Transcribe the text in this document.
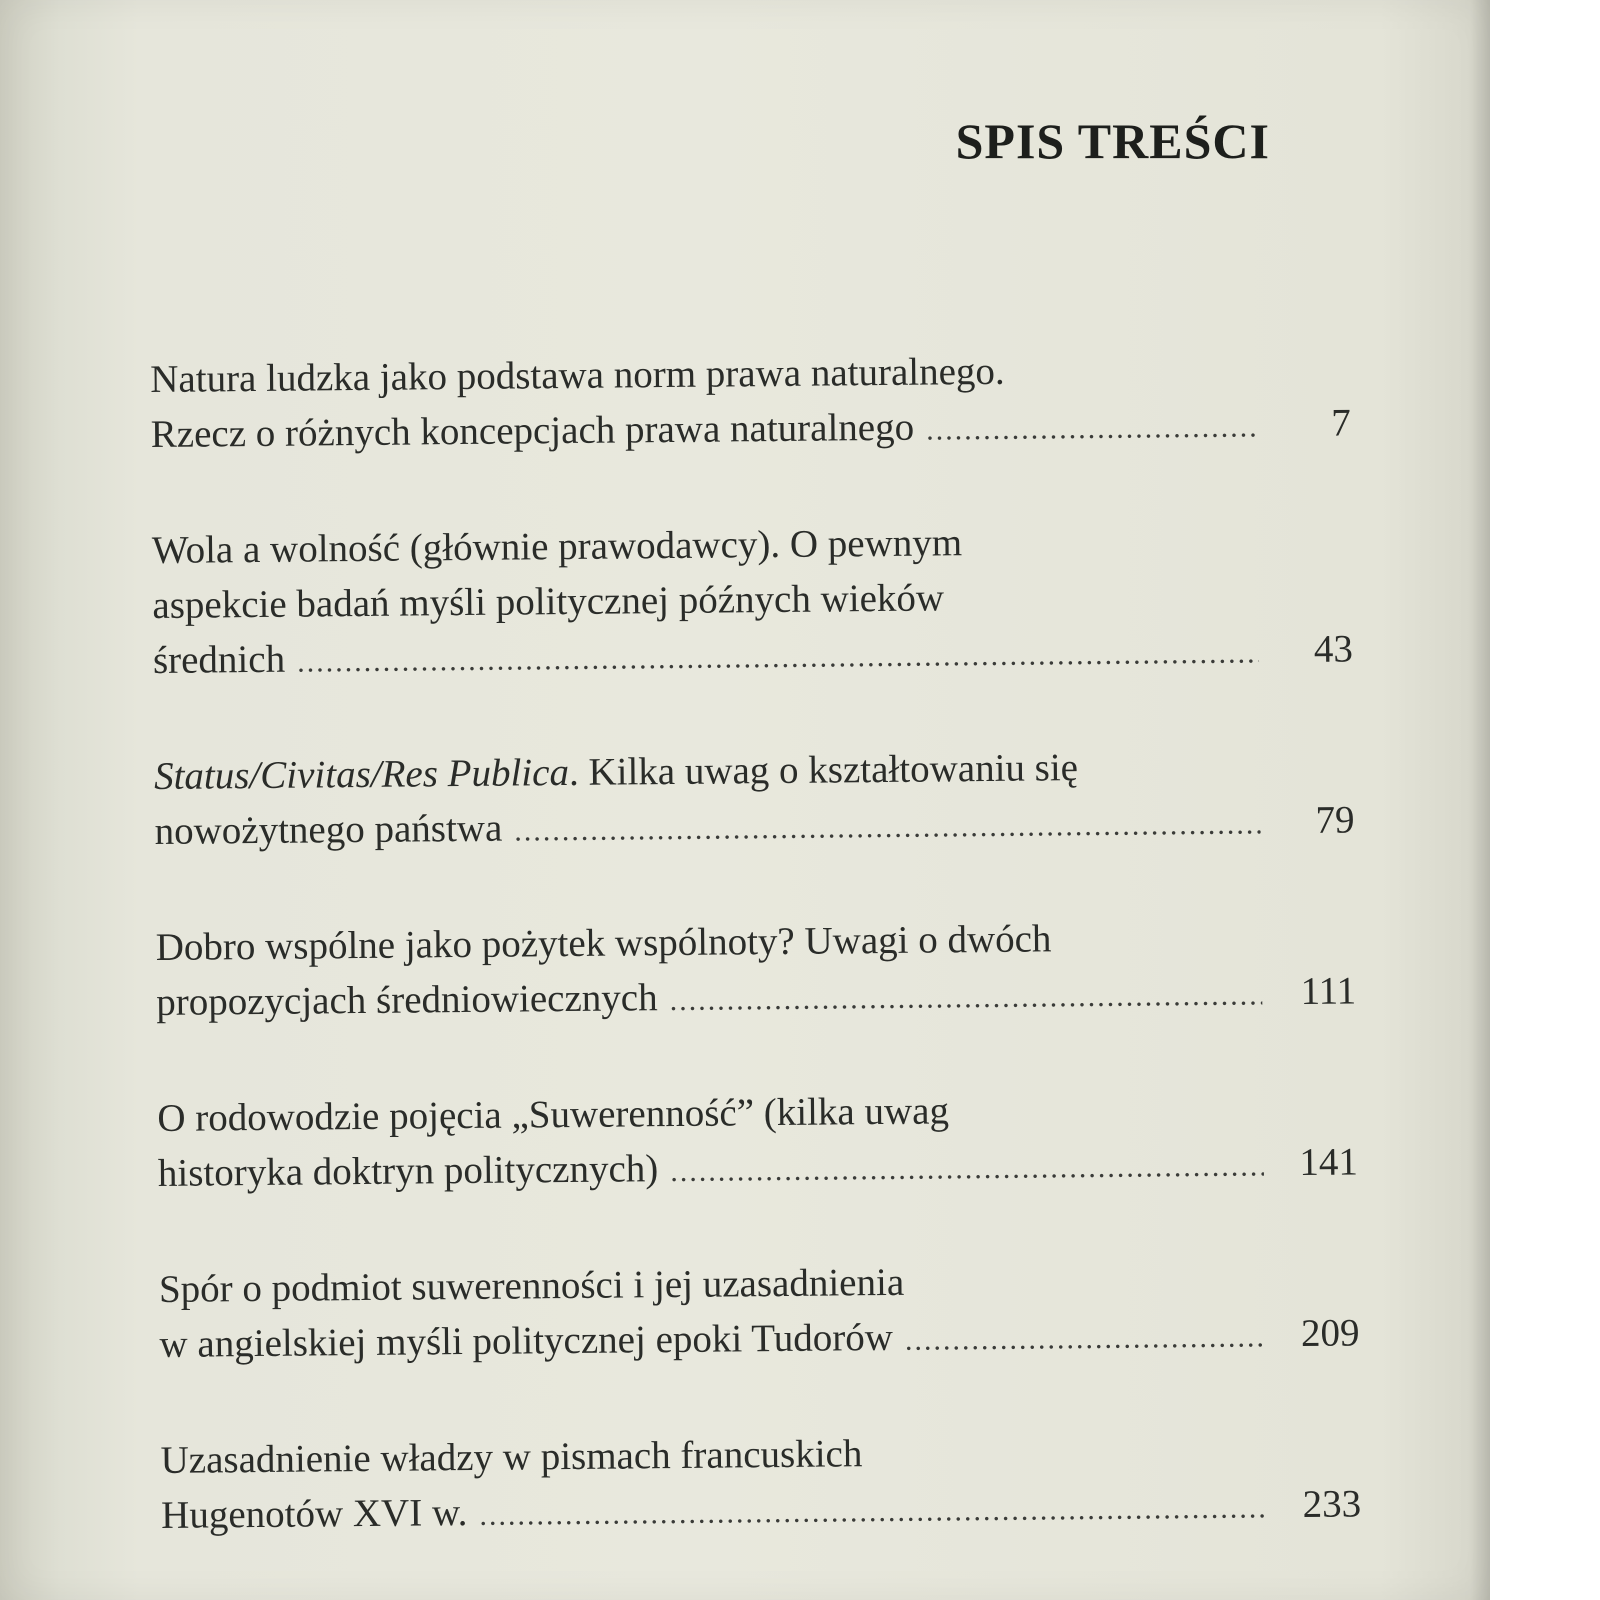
SPIS TREŚCI
Natura ludzka jako podstawa norm prawa naturalnego.
Rzecz o różnych koncepcjach prawa naturalnego .....	7
Wola a wolność (głównie prawodawcy). O pewnym
aspekcie badań myśli politycznej późnych wieków
średnich .....	43
Status/Civitas/Res Publica. Kilka uwag o kształtowaniu się
nowożytnego państwa .....	79
Dobro wspólne jako pożytek wspólnoty? Uwagi o dwóch
propozycjach średniowiecznych .....	111
O rodowodzie pojęcia „Suwerenność” (kilka uwag
historyka doktryn politycznych) .....	141
Spór o podmiot suwerenności i jej uzasadnienia
w angielskiej myśli politycznej epoki Tudorów .....	209
Uzasadnienie władzy w pismach francuskich
Hugenotów XVI w. .....	233
